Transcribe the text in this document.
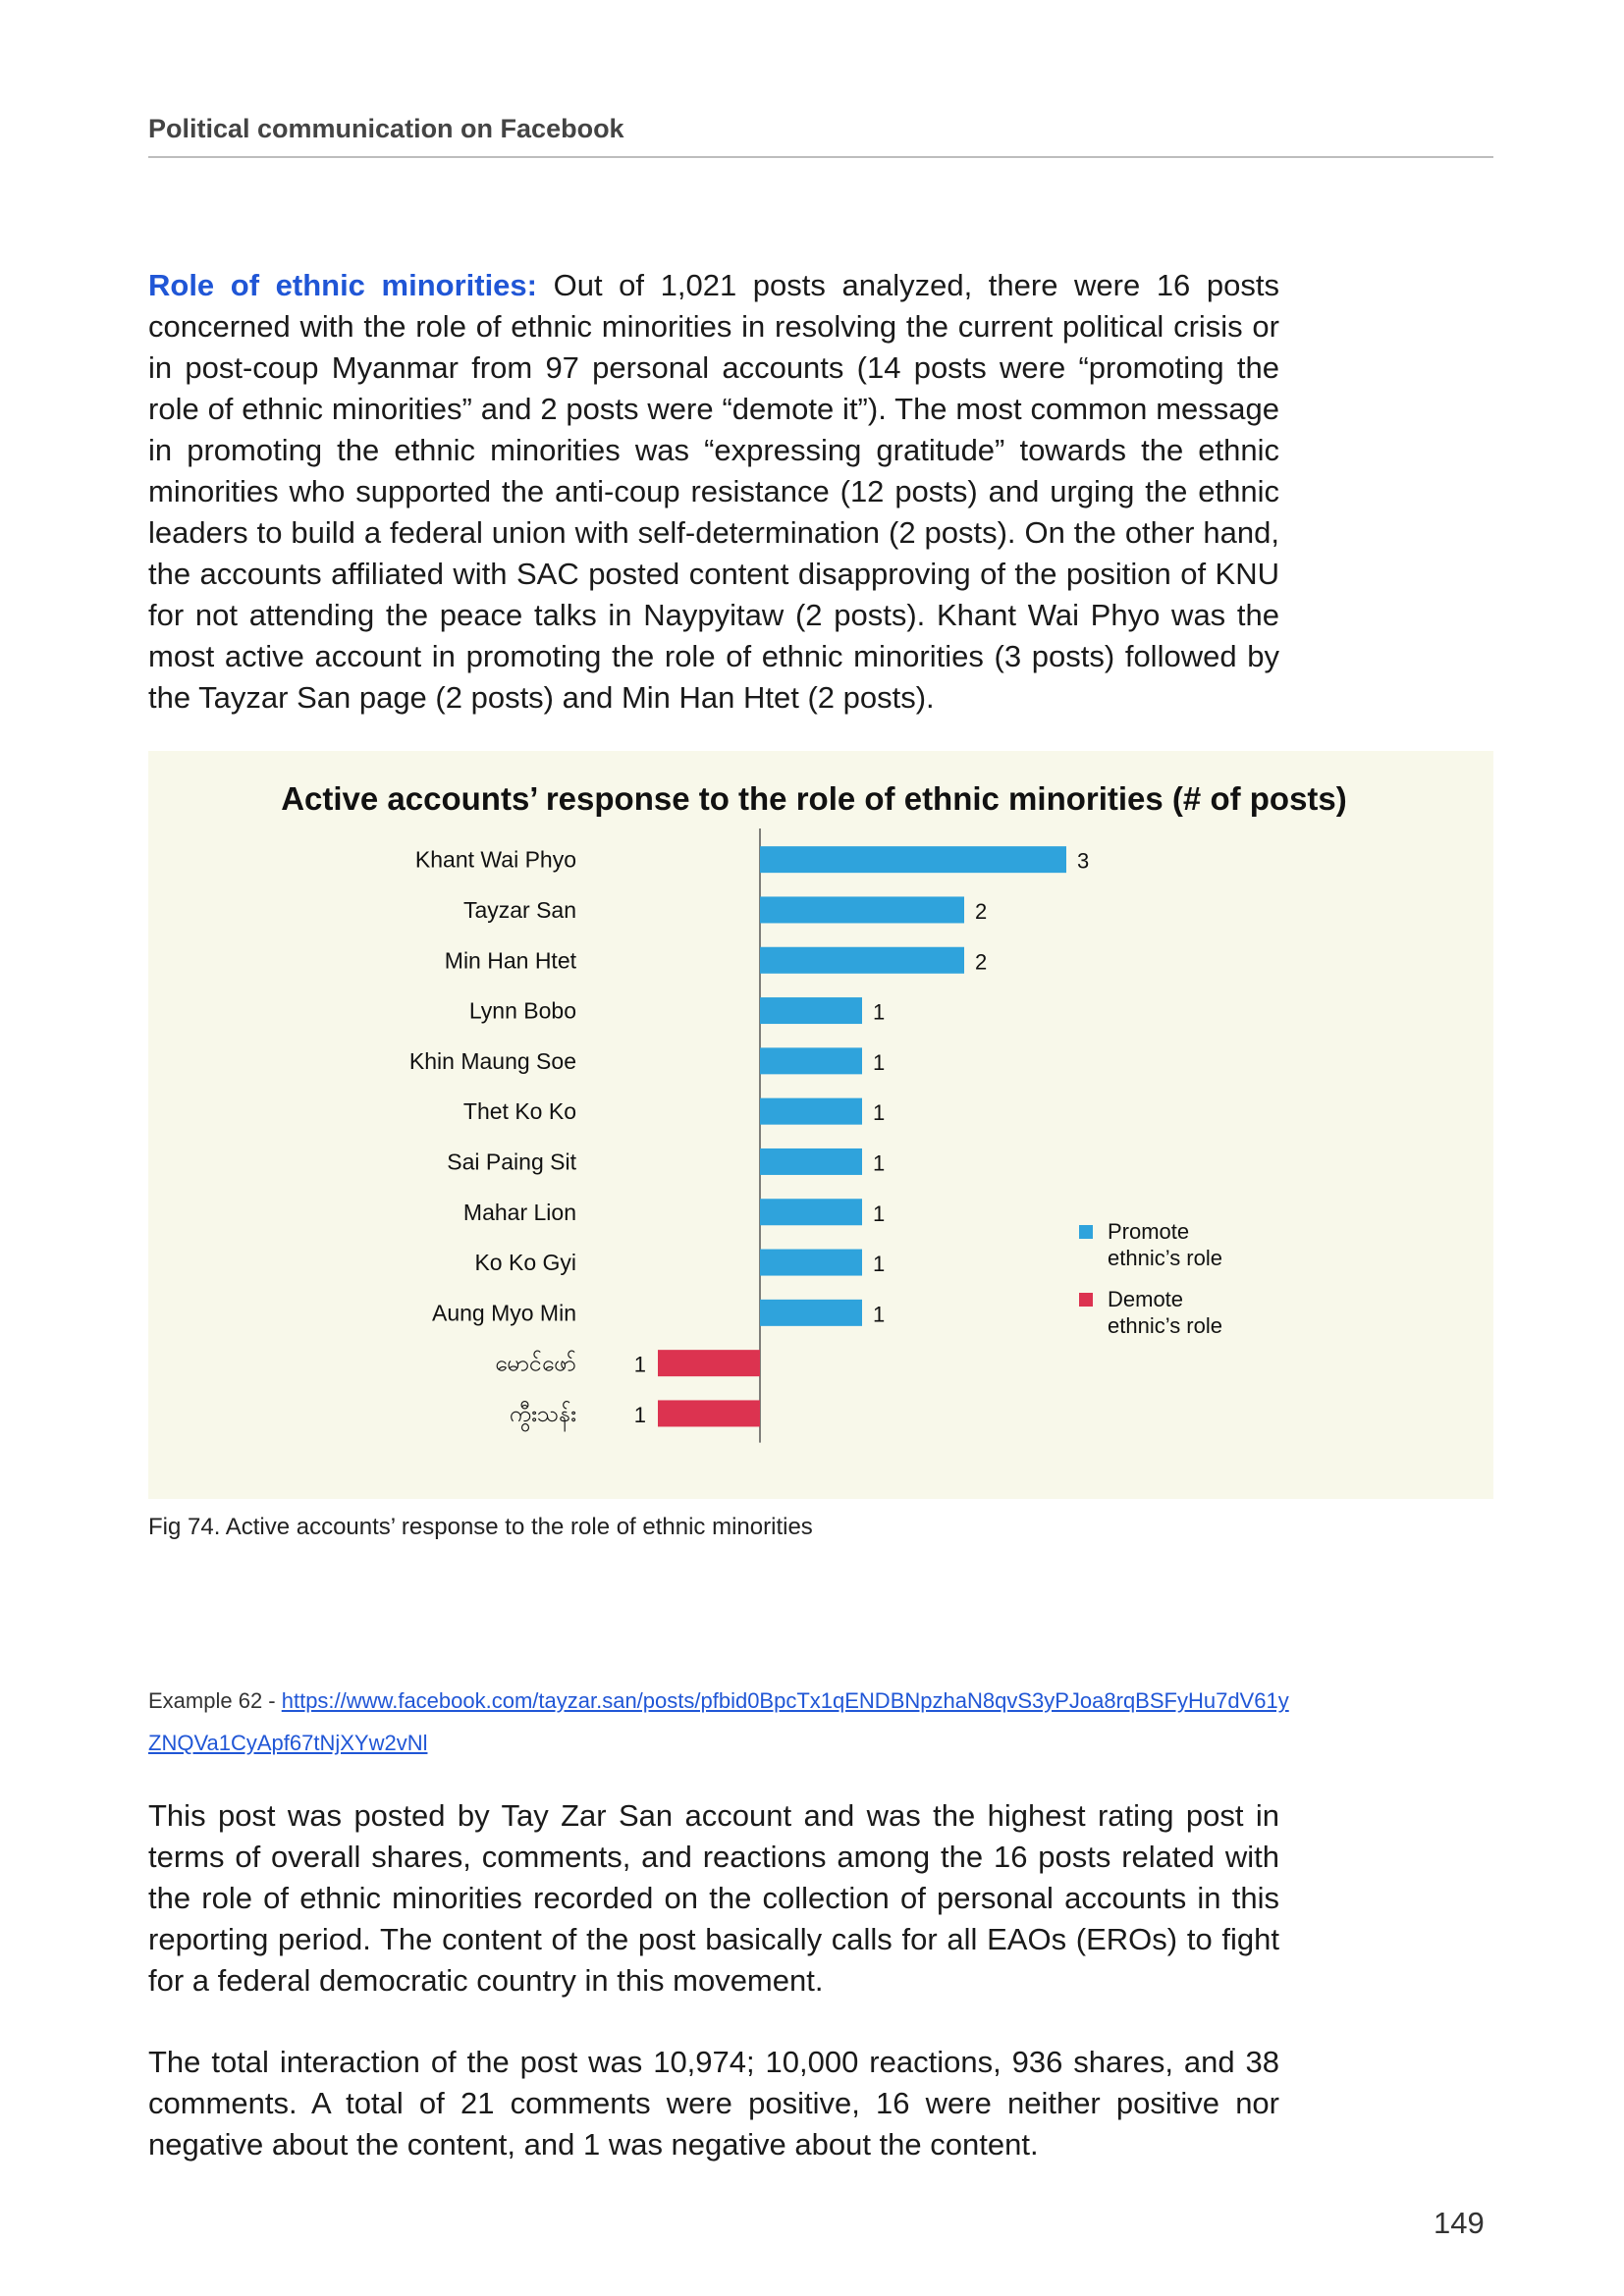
Political communication on Facebook

Role of ethnic minorities: Out of 1,021 posts analyzed, there were 16 posts concerned with the role of ethnic minorities in resolving the current political crisis or in post-coup Myanmar from 97 personal accounts (14 posts were “promoting the role of ethnic minorities” and 2 posts were “demote it”). The most common message in promoting the ethnic minorities was “expressing gratitude” towards the ethnic minorities who supported the anti-coup resistance (12 posts) and urging the ethnic leaders to build a federal union with self-determination (2 posts). On the other hand, the accounts affiliated with SAC posted content disapproving of the position of KNU for not attending the peace talks in Naypyitaw (2 posts). Khant Wai Phyo was the most active account in promoting the role of ethnic minorities (3 posts) followed by the Tayzar San page (2 posts) and Min Han Htet (2 posts).

Active accounts’ response to the role of ethnic minorities (# of posts)
Khant Wai Phyo	3
Tayzar San	2
Min Han Htet	2
Lynn Bobo	1
Khin Maung Soe	1
Thet Ko Ko	1
Sai Paing Sit	1
Mahar Lion	1
Ko Ko Gyi	1
Aung Myo Min	1
မောင်ဖော်	1
ကွီးသန်း	1
Promote ethnic’s role
Demote ethnic’s role
Fig 74. Active accounts’ response to the role of ethnic minorities
Example 62 - https://www.facebook.com/tayzar.san/posts/pfbid0BpcTx1qENDBNpzhaN8qvS3yPJoa8rqBSFyHu7dV61yZNQVa1CyApf67tNjXYw2vNl

This post was posted by Tay Zar San account and was the highest rating post in terms of overall shares, comments, and reactions among the 16 posts related with the role of ethnic minorities recorded on the collection of personal accounts in this reporting period. The content of the post basically calls for all EAOs (EROs) to fight for a federal democratic country in this movement.

The total interaction of the post was 10,974; 10,000 reactions, 936 shares, and 38 comments. A total of 21 comments were positive, 16 were neither positive nor negative about the content, and 1 was negative about the content.

149
